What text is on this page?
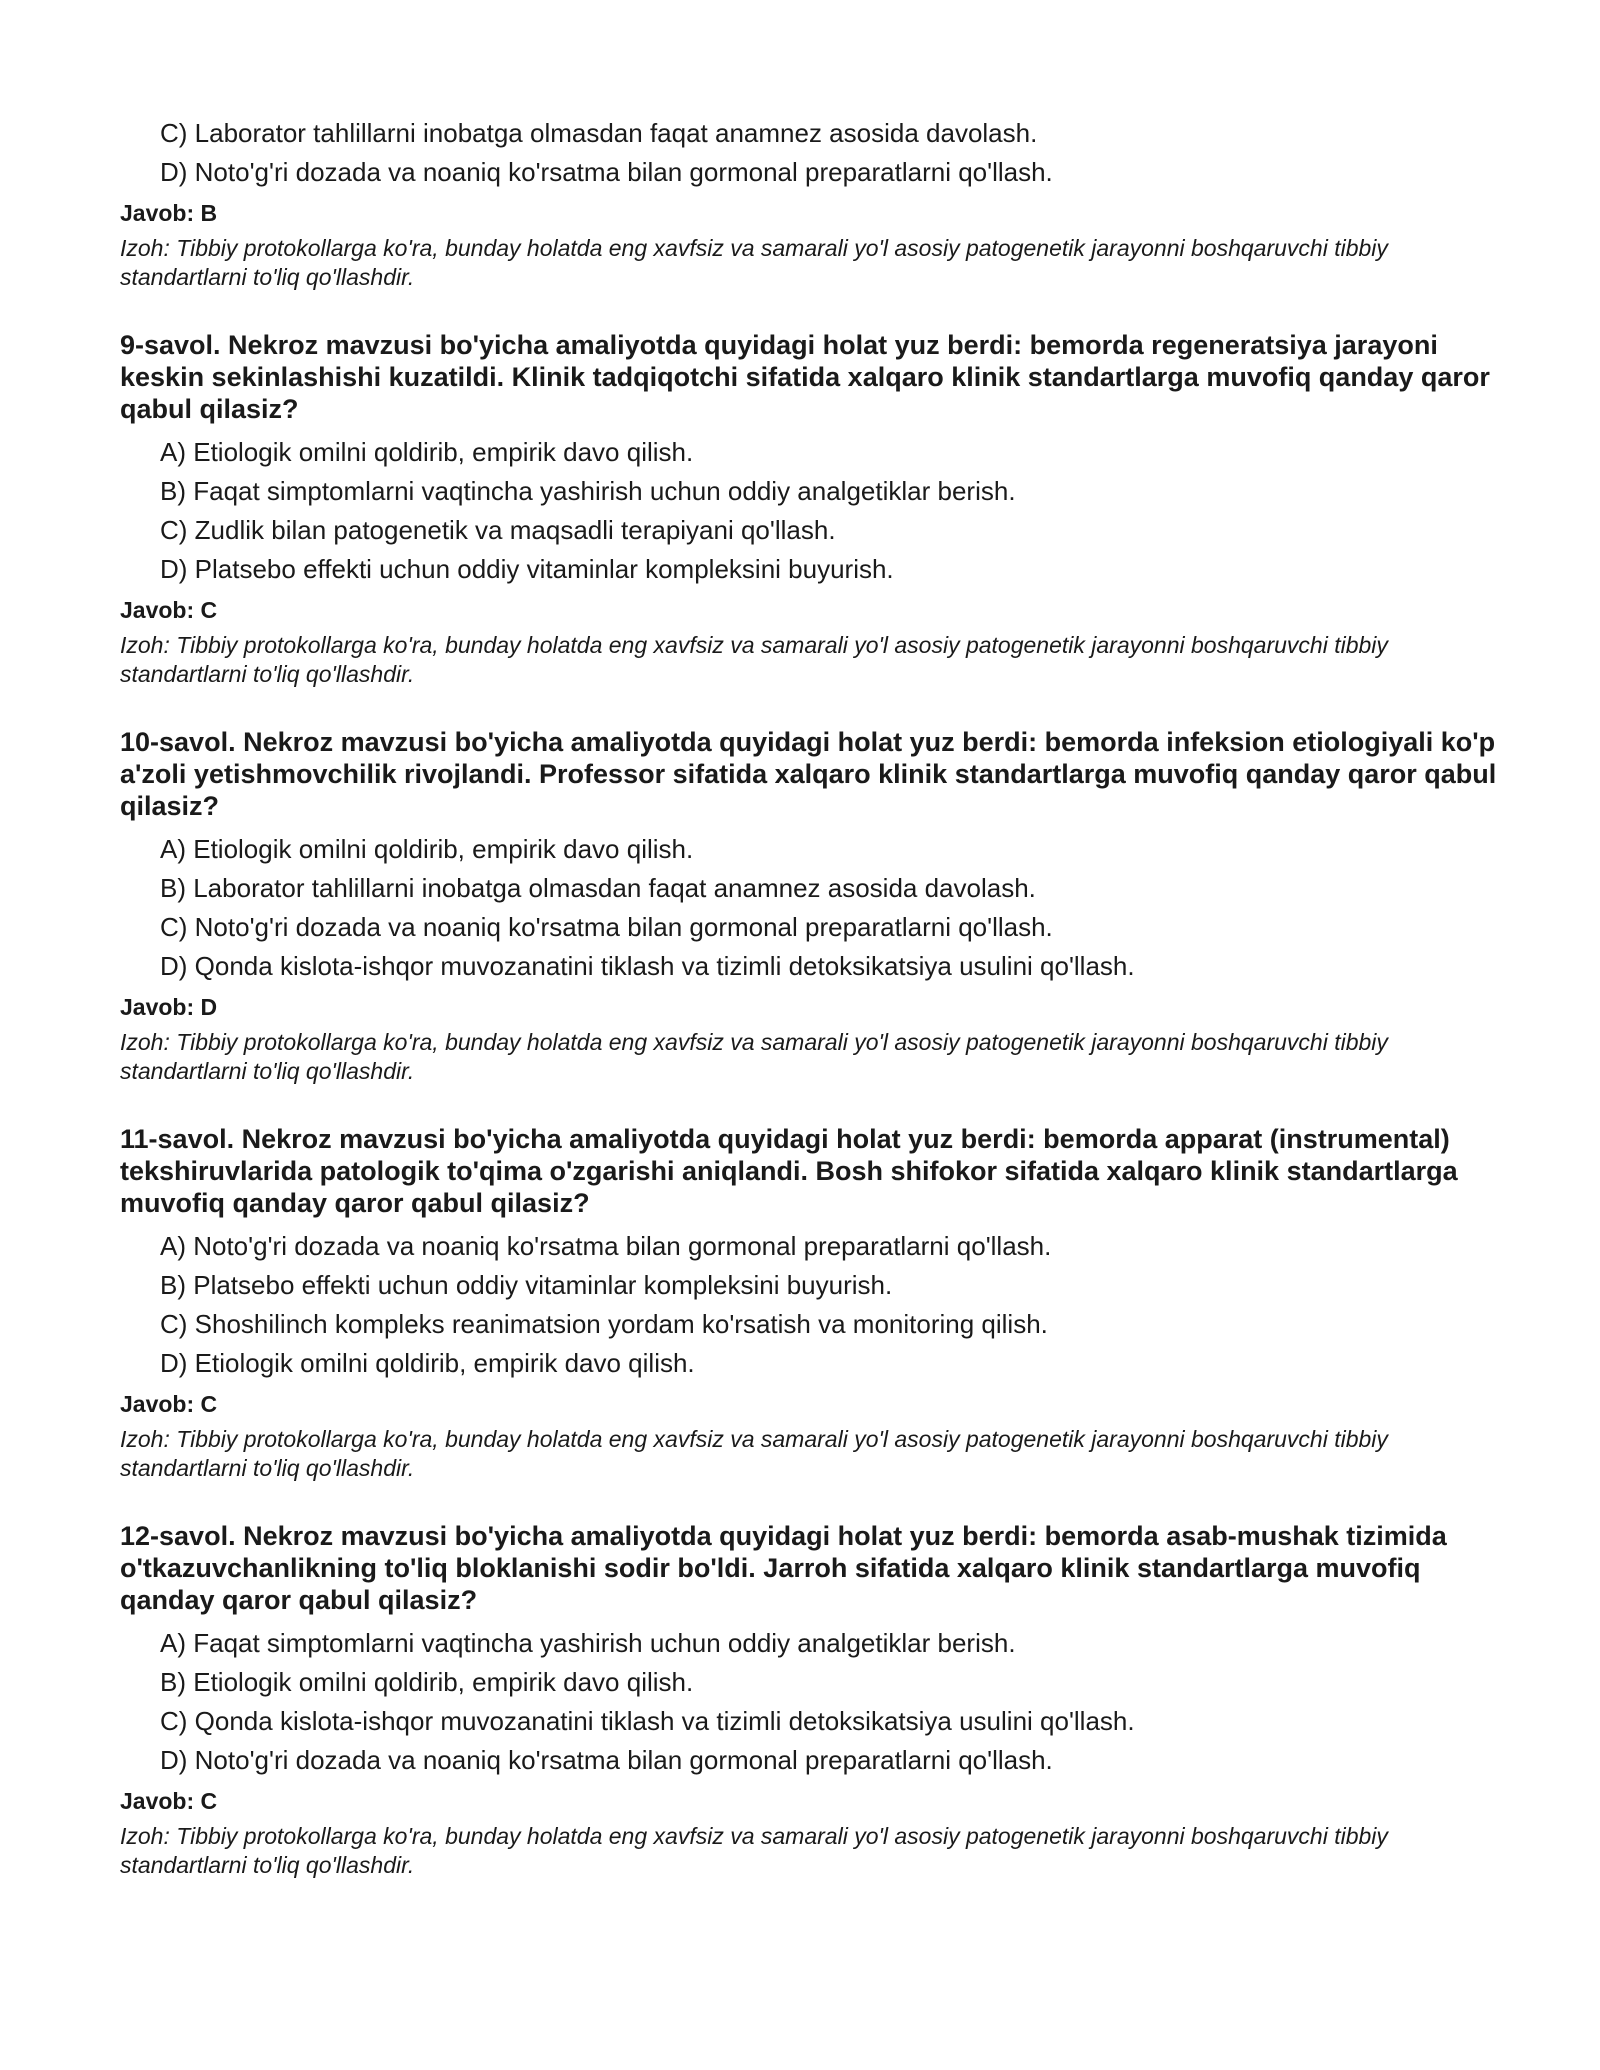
C) Laborator tahlillarni inobatga olmasdan faqat anamnez asosida davolash.
D) Noto'g'ri dozada va noaniq ko'rsatma bilan gormonal preparatlarni qo'llash.
Javob: B
Izoh: Tibbiy protokollarga ko'ra, bunday holatda eng xavfsiz va samarali yo'l asosiy patogenetik jarayonni boshqaruvchi tibbiy standartlarni to'liq qo'llashdir.
9-savol. Nekroz mavzusi bo'yicha amaliyotda quyidagi holat yuz berdi: bemorda regeneratsiya jarayoni keskin sekinlashishi kuzatildi. Klinik tadqiqotchi sifatida xalqaro klinik standartlarga muvofiq qanday qaror qabul qilasiz?
A) Etiologik omilni qoldirib, empirik davo qilish.
B) Faqat simptomlarni vaqtincha yashirish uchun oddiy analgetiklar berish.
C) Zudlik bilan patogenetik va maqsadli terapiyani qo'llash.
D) Platsebo effekti uchun oddiy vitaminlar kompleksini buyurish.
Javob: C
Izoh: Tibbiy protokollarga ko'ra, bunday holatda eng xavfsiz va samarali yo'l asosiy patogenetik jarayonni boshqaruvchi tibbiy standartlarni to'liq qo'llashdir.
10-savol. Nekroz mavzusi bo'yicha amaliyotda quyidagi holat yuz berdi: bemorda infeksion etiologiyali ko'p a'zoli yetishmovchilik rivojlandi. Professor sifatida xalqaro klinik standartlarga muvofiq qanday qaror qabul qilasiz?
A) Etiologik omilni qoldirib, empirik davo qilish.
B) Laborator tahlillarni inobatga olmasdan faqat anamnez asosida davolash.
C) Noto'g'ri dozada va noaniq ko'rsatma bilan gormonal preparatlarni qo'llash.
D) Qonda kislota-ishqor muvozanatini tiklash va tizimli detoksikatsiya usulini qo'llash.
Javob: D
Izoh: Tibbiy protokollarga ko'ra, bunday holatda eng xavfsiz va samarali yo'l asosiy patogenetik jarayonni boshqaruvchi tibbiy standartlarni to'liq qo'llashdir.
11-savol. Nekroz mavzusi bo'yicha amaliyotda quyidagi holat yuz berdi: bemorda apparat (instrumental) tekshiruvlarida patologik to'qima o'zgarishi aniqlandi. Bosh shifokor sifatida xalqaro klinik standartlarga muvofiq qanday qaror qabul qilasiz?
A) Noto'g'ri dozada va noaniq ko'rsatma bilan gormonal preparatlarni qo'llash.
B) Platsebo effekti uchun oddiy vitaminlar kompleksini buyurish.
C) Shoshilinch kompleks reanimatsion yordam ko'rsatish va monitoring qilish.
D) Etiologik omilni qoldirib, empirik davo qilish.
Javob: C
Izoh: Tibbiy protokollarga ko'ra, bunday holatda eng xavfsiz va samarali yo'l asosiy patogenetik jarayonni boshqaruvchi tibbiy standartlarni to'liq qo'llashdir.
12-savol. Nekroz mavzusi bo'yicha amaliyotda quyidagi holat yuz berdi: bemorda asab-mushak tizimida o'tkazuvchanlikning to'liq bloklanishi sodir bo'ldi. Jarroh sifatida xalqaro klinik standartlarga muvofiq qanday qaror qabul qilasiz?
A) Faqat simptomlarni vaqtincha yashirish uchun oddiy analgetiklar berish.
B) Etiologik omilni qoldirib, empirik davo qilish.
C) Qonda kislota-ishqor muvozanatini tiklash va tizimli detoksikatsiya usulini qo'llash.
D) Noto'g'ri dozada va noaniq ko'rsatma bilan gormonal preparatlarni qo'llash.
Javob: C
Izoh: Tibbiy protokollarga ko'ra, bunday holatda eng xavfsiz va samarali yo'l asosiy patogenetik jarayonni boshqaruvchi tibbiy standartlarni to'liq qo'llashdir.
